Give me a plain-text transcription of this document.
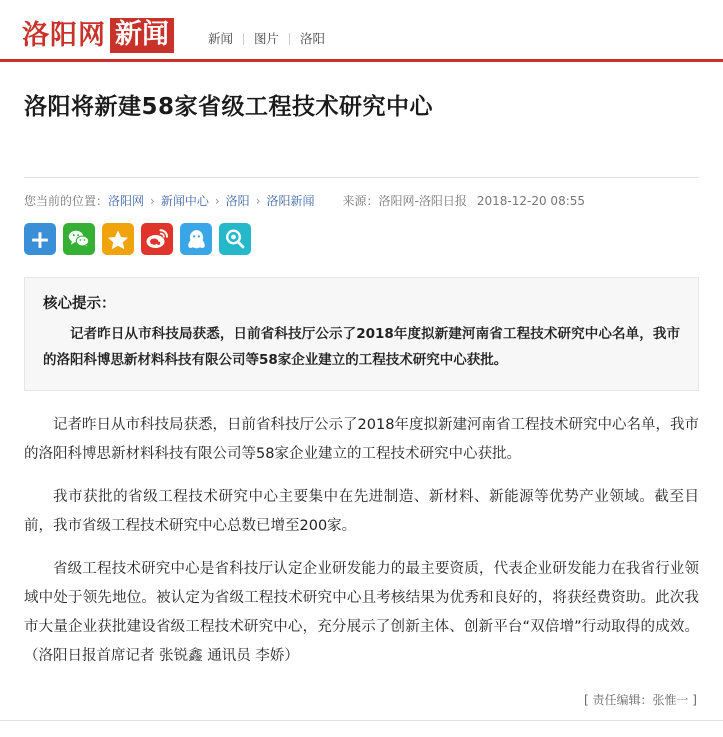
洛阳网 新闻	新闻	图片	洛阳
洛阳将新建58家省级工程技术研究中心
您当前的位置： 洛阳网 › 新闻中心 › 洛阳 › 洛阳新闻 来源： 洛阳网-洛阳日报 2018-12-20 08:55
+
核心提示：
记者昨日从市科技局获悉，日前省科技厅公示了2018年度拟新建河南省工程技术研究中心名单，我市的洛阳科博思新材料科技有限公司等58家企业建立的工程技术研究中心获批。

记者昨日从市科技局获悉，日前省科技厅公示了2018年度拟新建河南省工程技术研究中心名单，我市的洛阳科博思新材料科技有限公司等58家企业建立的工程技术研究中心获批。

我市获批的省级工程技术研究中心主要集中在先进制造、新材料、新能源等优势产业领域。截至目前，我市省级工程技术研究中心总数已增至200家。

省级工程技术研究中心是省科技厅认定企业研发能力的最主要资质，代表企业研发能力在我省行业领域中处于领先地位。被认定为省级工程技术研究中心且考核结果为优秀和良好的，将获经费资助。此次我市大量企业获批建设省级工程技术研究中心，充分展示了创新主体、创新平台“双倍增”行动取得的成效。（洛阳日报首席记者 张锐鑫 通讯员 李娇）

[ 责任编辑：张惟一 ]
